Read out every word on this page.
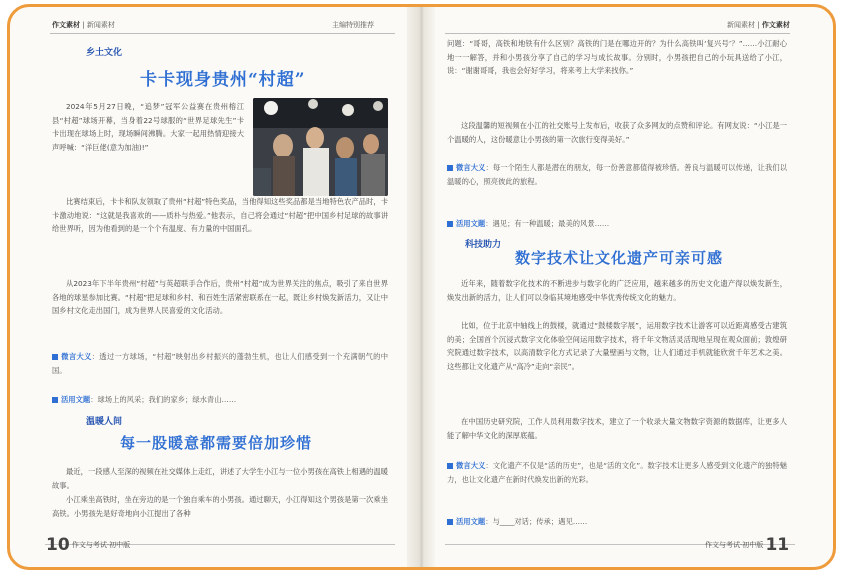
作文素材 | 新闻素材	主编特别推荐
乡土文化
卡卡现身贵州“村超”
2024年5月27日晚，“追梦”冠军公益赛在贵州榕江县“村超”球场开幕，当身着22号球服的“世界足球先生”卡卡出现在球场上时，现场瞬间沸腾。大家一起用热情迎接大声呼喊：“洋巨佬(意为加油)!”
比赛结束后，卡卡和队友领取了贵州“村超”特色奖品，当他得知这些奖品都是当地特色农产品时，卡卡激动地说：“这就是我喜欢的——质朴与热爱。”他表示，自己将会通过“村超”把中国乡村足球的故事讲给世界听，因为他看到的是一个个有温度、有力量的中国面孔。
从2023年下半年贵州“村超”与英超联手合作后，贵州“村超”成为世界关注的焦点，吸引了来自世界各地的球星参加比赛。“村超”把足球和乡村、和百姓生活紧密联系在一起，既让乡村焕发新活力，又让中国乡村文化走出国门，成为世界人民喜爱的文化活动。
微言大义：透过一方球场，“村超”映射出乡村振兴的蓬勃生机，也让人们感受到一个充满朝气的中国。
活用文题：球场上的风采；我们的家乡；绿水青山……
温暖人间
每一股暖意都需要倍加珍惜
最近，一段感人至深的视频在社交媒体上走红，讲述了大学生小江与一位小男孩在高铁上相遇的温暖故事。
小江乘坐高铁时，坐在旁边的是一个独自乘车的小男孩。通过聊天，小江得知这个男孩是第一次乘坐高铁。小男孩先是好奇地向小江提出了各种
10 作文与考试·初中版
新闻素材 | 作文素材
问题：“哥哥，高铁和地铁有什么区别？高铁的门是在哪边开的？为什么高铁叫‘复兴号’？”……小江耐心地一一解答，并和小男孩分享了自己的学习与成长故事。分别时，小男孩把自己的小玩具送给了小江，说：“谢谢哥哥，我也会好好学习，将来考上大学来找你。”
这段温馨的短视频在小江的社交账号上发布后，收获了众多网友的点赞和评论。有网友说：“小江是一个温暖的人，这份暖意让小男孩的第一次旅行变得美好。”
微言大义：每一个陌生人都是潜在的朋友，每一份善意都值得被珍惜。善良与温暖可以传递，让我们以温暖的心，照亮彼此的旅程。
活用文题：遇见；有一种温暖；最美的风景……
科技助力
数字技术让文化遗产可亲可感
近年来，随着数字化技术的不断进步与数字化的广泛应用，越来越多的历史文化遗产得以焕发新生，焕发出新的活力，让人们可以身临其境地感受中华优秀传统文化的魅力。
比如，位于北京中轴线上的鼓楼，就通过“鼓楼数字展”，运用数字技术让游客可以近距离感受古建筑的美；全国首个沉浸式数字文化体验空间运用数字技术，将千年文物活灵活现地呈现在观众面前；敦煌研究院通过数字技术，以高清数字化方式记录了大量壁画与文物，让人们通过手机就能欣赏千年艺术之美。这些都让文化遗产从“高冷”走向“亲民”。
在中国历史研究院，工作人员利用数字技术，建立了一个收录大量文物数字资源的数据库，让更多人能了解中华文化的深厚底蕴。
微言大义：文化遗产不仅是“活的历史”，也是“活的文化”。数字技术让更多人感受到文化遗产的独特魅力，也让文化遗产在新时代焕发出新的光彩。
活用文题：与____对话；传承；遇见……
作文与考试·初中版 11
